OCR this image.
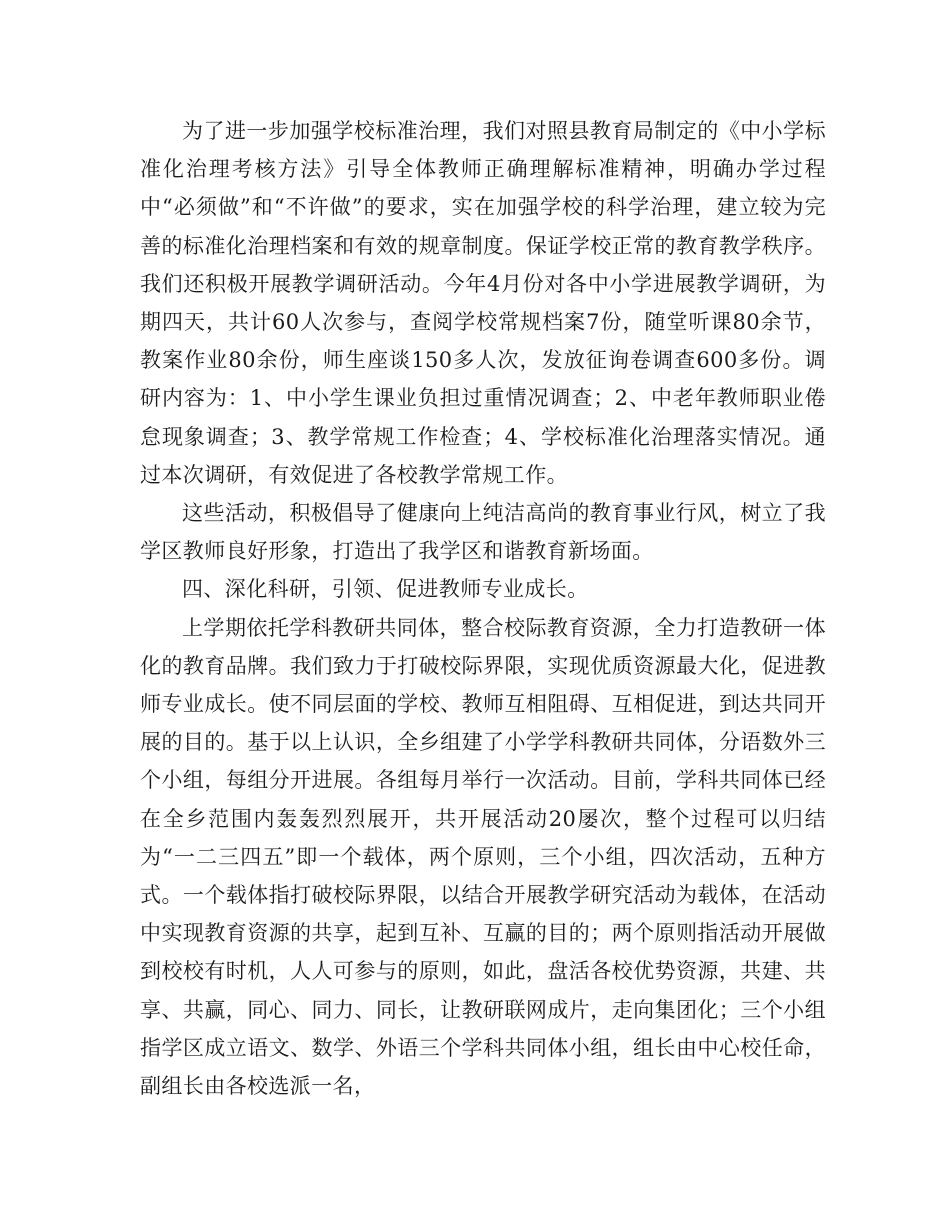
为了进一步加强学校标准治理，我们对照县教育局制定的《中小学标准化治理考核方法》引导全体教师正确理解标准精神，明确办学过程中“必须做”和“不许做”的要求，实在加强学校的科学治理，建立较为完善的标准化治理档案和有效的规章制度。保证学校正常的教育教学秩序。我们还积极开展教学调研活动。今年4月份对各中小学进展教学调研，为期四天，共计60人次参与，查阅学校常规档案7份，随堂听课80余节，教案作业80余份，师生座谈150多人次，发放征询卷调查600多份。调研内容为：1、中小学生课业负担过重情况调查；2、中老年教师职业倦怠现象调查；3、教学常规工作检查；4、学校标准化治理落实情况。通过本次调研，有效促进了各校教学常规工作。

这些活动，积极倡导了健康向上纯洁高尚的教育事业行风，树立了我学区教师良好形象，打造出了我学区和谐教育新场面。

四、深化科研，引领、促进教师专业成长。

上学期依托学科教研共同体，整合校际教育资源，全力打造教研一体化的教育品牌。我们致力于打破校际界限，实现优质资源最大化，促进教师专业成长。使不同层面的学校、教师互相阻碍、互相促进，到达共同开展的目的。基于以上认识，全乡组建了小学学科教研共同体，分语数外三个小组，每组分开进展。各组每月举行一次活动。目前，学科共同体已经在全乡范围内轰轰烈烈展开，共开展活动20屡次，整个过程可以归结为“一二三四五”即一个载体，两个原则，三个小组，四次活动，五种方式。一个载体指打破校际界限，以结合开展教学研究活动为载体，在活动中实现教育资源的共享，起到互补、互赢的目的；两个原则指活动开展做到校校有时机，人人可参与的原则，如此，盘活各校优势资源，共建、共享、共赢，同心、同力、同长，让教研联网成片，走向集团化；三个小组指学区成立语文、数学、外语三个学科共同体小组，组长由中心校任命，副组长由各校选派一名，
